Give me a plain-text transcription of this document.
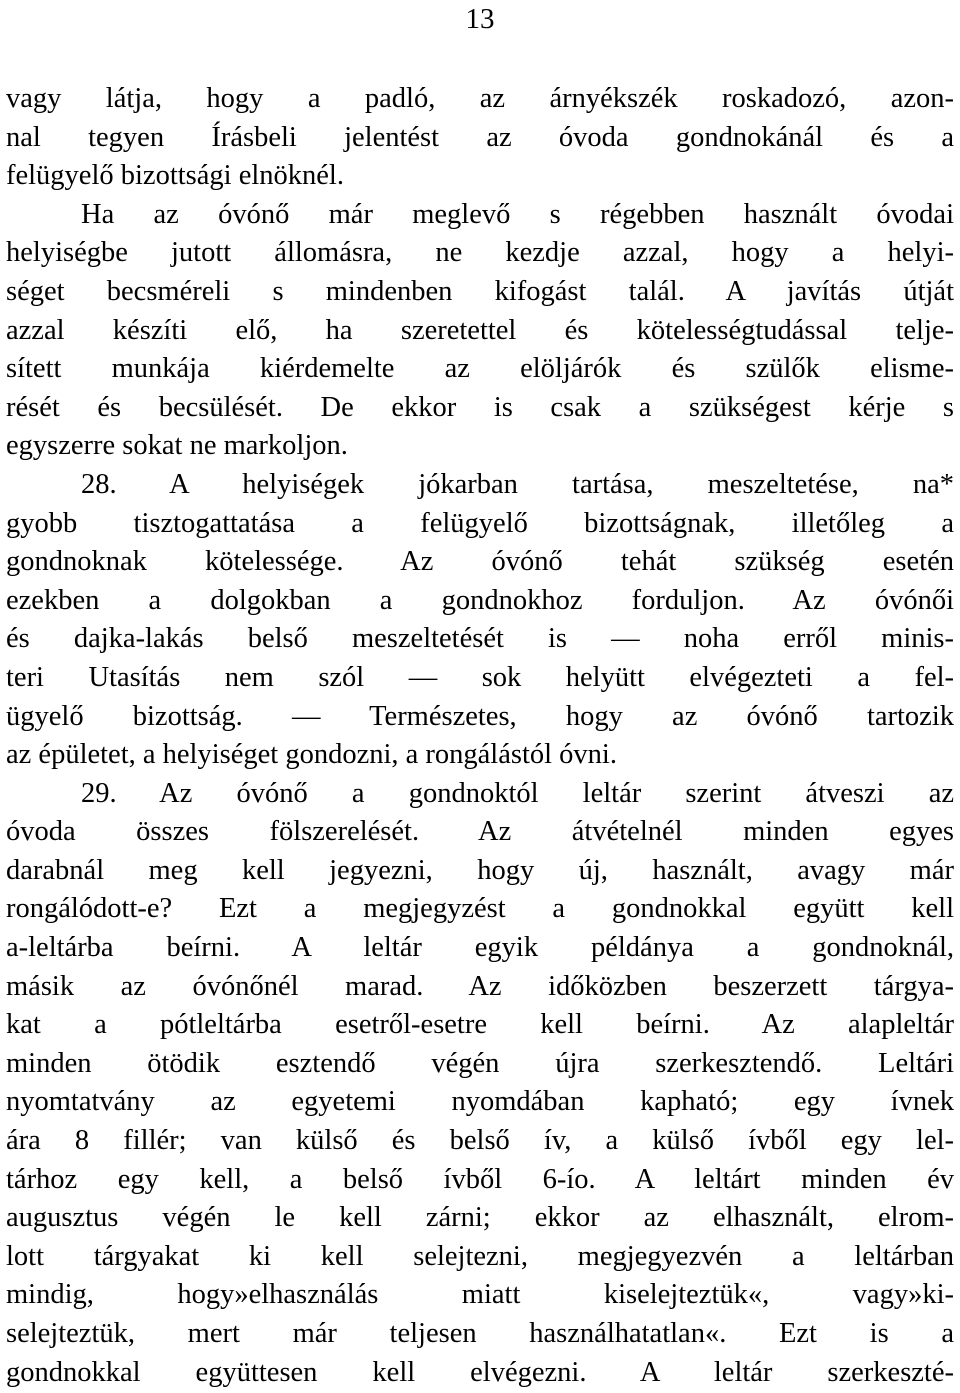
13
vagy látja, hogy a padló, az árnyékszék roskadozó, azon-
nal tegyen Írásbeli jelentést az óvoda gondnokánál és a
felügyelő bizottsági elnöknél.
Ha az óvónő már meglevő s régebben használt óvodai
helyiségbe jutott állomásra, ne kezdje azzal, hogy a helyi-
séget becsméreli s mindenben kifogást talál. A javítás útját
azzal készíti elő, ha szeretettel és kötelességtudással telje-
sített munkája kiérdemelte az elöljárók és szülők elisme-
rését és becsülését. De ekkor is csak a szükségest kérje s
egyszerre sokat ne markoljon.
28. A helyiségek jókarban tartása, meszeltetése, na*
gyobb tisztogattatása a felügyelő bizottságnak, illetőleg a
gondnoknak kötelessége. Az óvónő tehát szükség esetén
ezekben a dolgokban a gondnokhoz forduljon. Az óvónői
és dajka-lakás belső meszeltetését is — noha erről minis-
teri Utasítás nem szól — sok helyütt elvégezteti a fel-
ügyelő bizottság. — Természetes, hogy az óvónő tartozik
az épületet, a helyiséget gondozni, a rongálástól óvni.
29. Az óvónő a gondnoktól leltár szerint átveszi az
óvoda összes fölszerelését. Az átvételnél minden egyes
darabnál meg kell jegyezni, hogy új, használt, avagy már
rongálódott-e? Ezt a megjegyzést a gondnokkal együtt kell
a-leltárba beírni. A leltár egyik példánya a gondnoknál,
másik az óvónőnél marad. Az időközben beszerzett tárgya-
kat a pótleltárba esetről-esetre kell beírni. Az alapleltár
minden ötödik esztendő végén újra szerkesztendő. Leltári
nyomtatvány az egyetemi nyomdában kapható; egy ívnek
ára 8 fillér; van külső és belső ív, a külső ívből egy lel-
tárhoz egy kell, a belső ívből 6-ío. A leltárt minden év
augusztus végén le kell zárni; ekkor az elhasznált, elrom-
lott tárgyakat ki kell selejtezni, megjegyezvén a leltárban
mindig, hogy»elhasználás miatt kiselejteztük«, vagy»ki-
selejteztük, mert már teljesen használhatatlan«. Ezt is a
gondnokkal együttesen kell elvégezni. A leltár szerkeszté-
